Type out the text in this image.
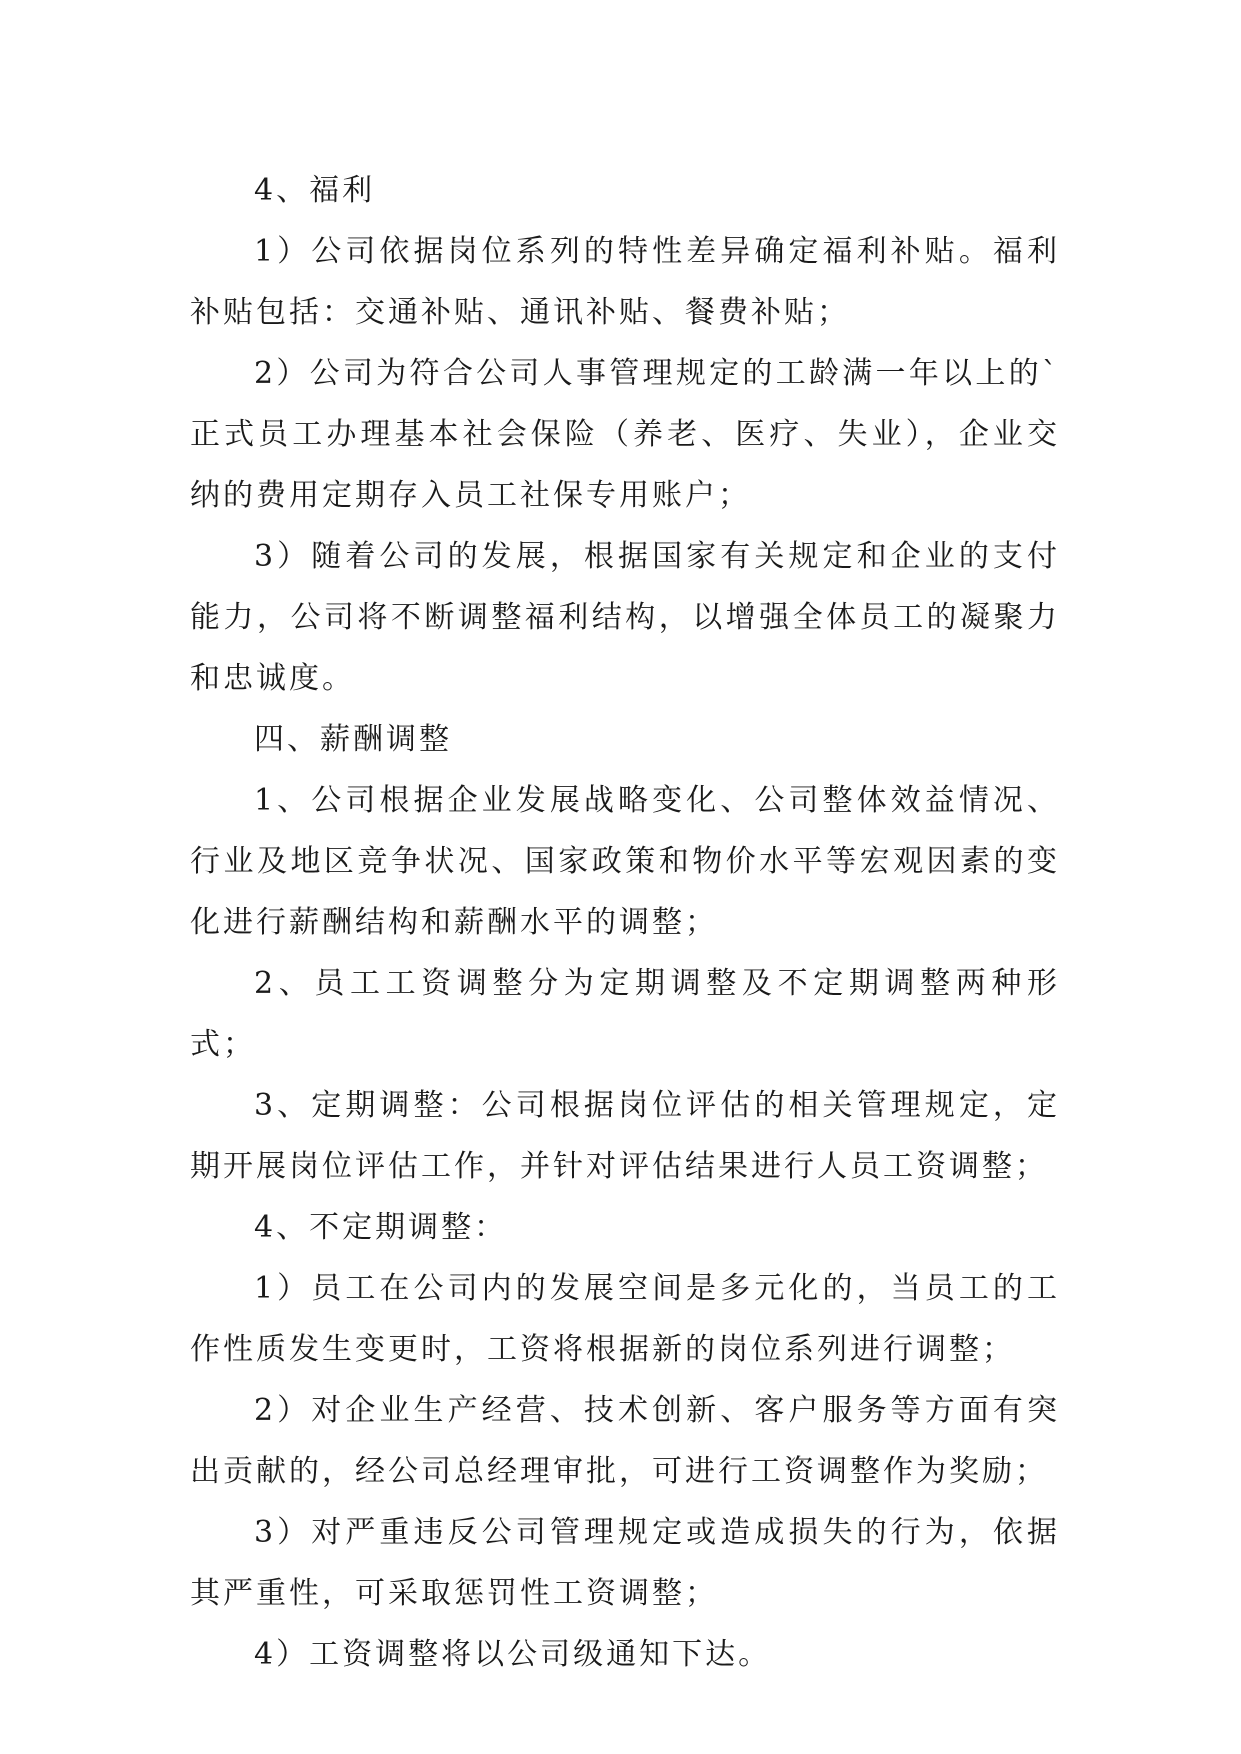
4、福利

1）公司依据岗位系列的特性差异确定福利补贴。福利补贴包括：交通补贴、通讯补贴、餐费补贴；

2）公司为符合公司人事管理规定的工龄满一年以上的`正式员工办理基本社会保险（养老、医疗、失业），企业交纳的费用定期存入员工社保专用账户；

3）随着公司的发展，根据国家有关规定和企业的支付能力，公司将不断调整福利结构，以增强全体员工的凝聚力和忠诚度。

四、薪酬调整

1、公司根据企业发展战略变化、公司整体效益情况、行业及地区竞争状况、国家政策和物价水平等宏观因素的变化进行薪酬结构和薪酬水平的调整；

2、员工工资调整分为定期调整及不定期调整两种形式；

3、定期调整：公司根据岗位评估的相关管理规定，定期开展岗位评估工作，并针对评估结果进行人员工资调整；

4、不定期调整：

1）员工在公司内的发展空间是多元化的，当员工的工作性质发生变更时，工资将根据新的岗位系列进行调整；

2）对企业生产经营、技术创新、客户服务等方面有突出贡献的，经公司总经理审批，可进行工资调整作为奖励；

3）对严重违反公司管理规定或造成损失的行为，依据其严重性，可采取惩罚性工资调整；

4）工资调整将以公司级通知下达。
